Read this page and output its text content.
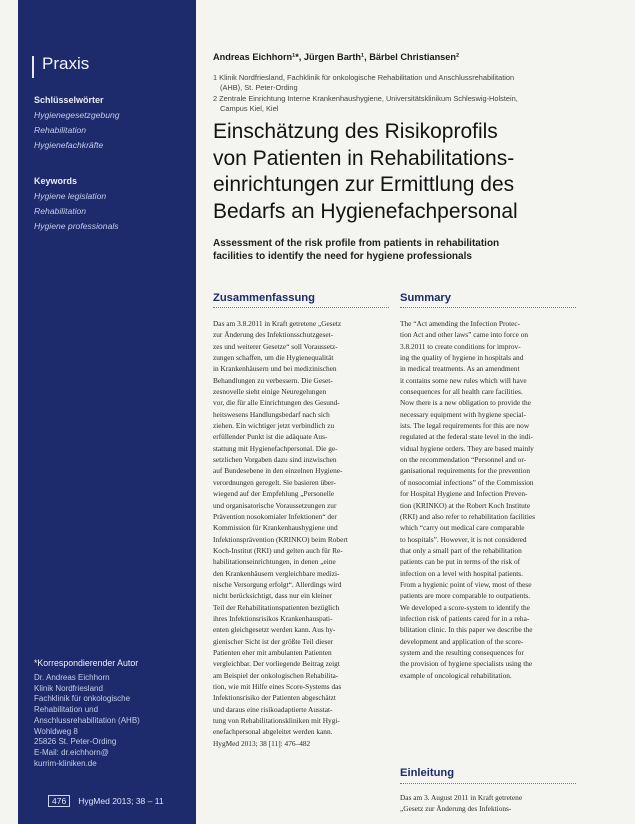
Praxis
Schlüsselwörter
Hygienegesetzgebung
Rehabilitation
Hygienefachkräfte
Keywords
Hygiene legislation
Rehabilitation
Hygiene professionals
*Korrespondierender Autor
Dr. Andreas Eichhorn
Klinik Nordfriesland
Fachklinik für onkologische
Rehabilitation und
Anschlussrehabilitation (AHB)
Wohldweg 8
25826 St. Peter-Ording
E-Mail: dr.eichhorn@
kurrim-kliniken.de
476 HygMed 2013; 38 – 11
Andreas Eichhorn¹*, Jürgen Barth¹, Bärbel Christiansen²
1 Klinik Nordfriesland, Fachklinik für onkologische Rehabilitation und Anschlussrehabilitation
(AHB), St. Peter-Ording
2 Zentrale Einrichtung Interne Krankenhaushygiene, Universitätsklinikum Schleswig-Holstein,
Campus Kiel, Kiel
Einschätzung des Risikoprofils
von Patienten in Rehabilitations-
einrichtungen zur Ermittlung des
Bedarfs an Hygienefachpersonal
Assessment of the risk profile from patients in rehabilitation
facilities to identify the need for hygiene professionals
Zusammenfassung
Das am 3.8.2011 in Kraft getretene „Gesetz
zur Änderung des Infektionsschutzgeset-
zes und weiterer Gesetze“ soll Voraussetz-
zungen schaffen, um die Hygienequalität
in Krankenhäusern und bei medizinischen
Behandlungen zu verbessern. Die Geset-
zesnovelle sieht einige Neuregelungen
vor, die für alle Einrichtungen des Gesund-
heitswesens Handlungsbedarf nach sich
ziehen. Ein wichtiger jetzt verbindlich zu
erfüllender Punkt ist die adäquate Aus-
stattung mit Hygienefachpersonal. Die ge-
setzlichen Vorgaben dazu sind inzwischen
auf Bundesebene in den einzelnen Hygiene-
verordnungen geregelt. Sie basieren über-
wiegend auf der Empfehlung „Personelle
und organisatorische Voraussetzungen zur
Prävention nosokomialer Infektionen“ der
Kommission für Krankenhaushygiene und
Infektionsprävention (KRINKO) beim Robert
Koch-Institut (RKI) und gelten auch für Re-
habilitationseinrichtungen, in denen „eine
den Krankenhäusern vergleichbare medizi-
nische Versorgung erfolgt“. Allerdings wird
nicht berücksichtigt, dass nur ein kleiner
Teil der Rehabilitationspatienten bezüglich
ihres Infektionsrisikos Krankenhauspati-
enten gleichgesetzt werden kann. Aus hy-
gienischer Sicht ist der größte Teil dieser
Patienten eher mit ambulanten Patienten
vergleichbar. Der vorliegende Beitrag zeigt
am Beispiel der onkologischen Rehabilita-
tion, wie mit Hilfe eines Score-Systems das
Infektionsrisiko der Patienten abgeschätzt
und daraus eine risikoadaptierte Ausstat-
tung von Rehabilitationskliniken mit Hygi-
enefachpersonal abgeleitet werden kann.
HygMed 2013; 38 [11]: 476–482
Summary
The “Act amending the Infection Protec-
tion Act and other laws” came into force on
3.8.2011 to create conditions for improv-
ing the quality of hygiene in hospitals and
in medical treatments. As an amendment
it contains some new rules which will have
consequences for all health care facilities.
Now there is a new obligation to provide the
necessary equipment with hygiene special-
ists. The legal requirements for this are now
regulated at the federal state level in the indi-
vidual hygiene orders. They are based mainly
on the recommendation “Personnel and or-
ganisational requirements for the prevention
of nosocomial infections” of the Commission
for Hospital Hygiene and Infection Preven-
tion (KRINKO) at the Robert Koch Institute
(RKI) and also refer to rehabilitation facilities
which “carry out medical care comparable
to hospitals”. However, it is not considered
that only a small part of the rehabilitation
patients can be put in terms of the risk of
infection on a level with hospital patients.
From a hygienic point of view, most of these
patients are more comparable to outpatients.
We developed a score-system to identify the
infection risk of patients cared for in a reha-
bilitation clinic. In this paper we describe the
development and application of the score-
system and the resulting consequences for
the provision of hygiene specialists using the
example of oncological rehabilitation.
Einleitung
Das am 3. August 2011 in Kraft getretene
„Gesetz zur Änderung des Infektions-
